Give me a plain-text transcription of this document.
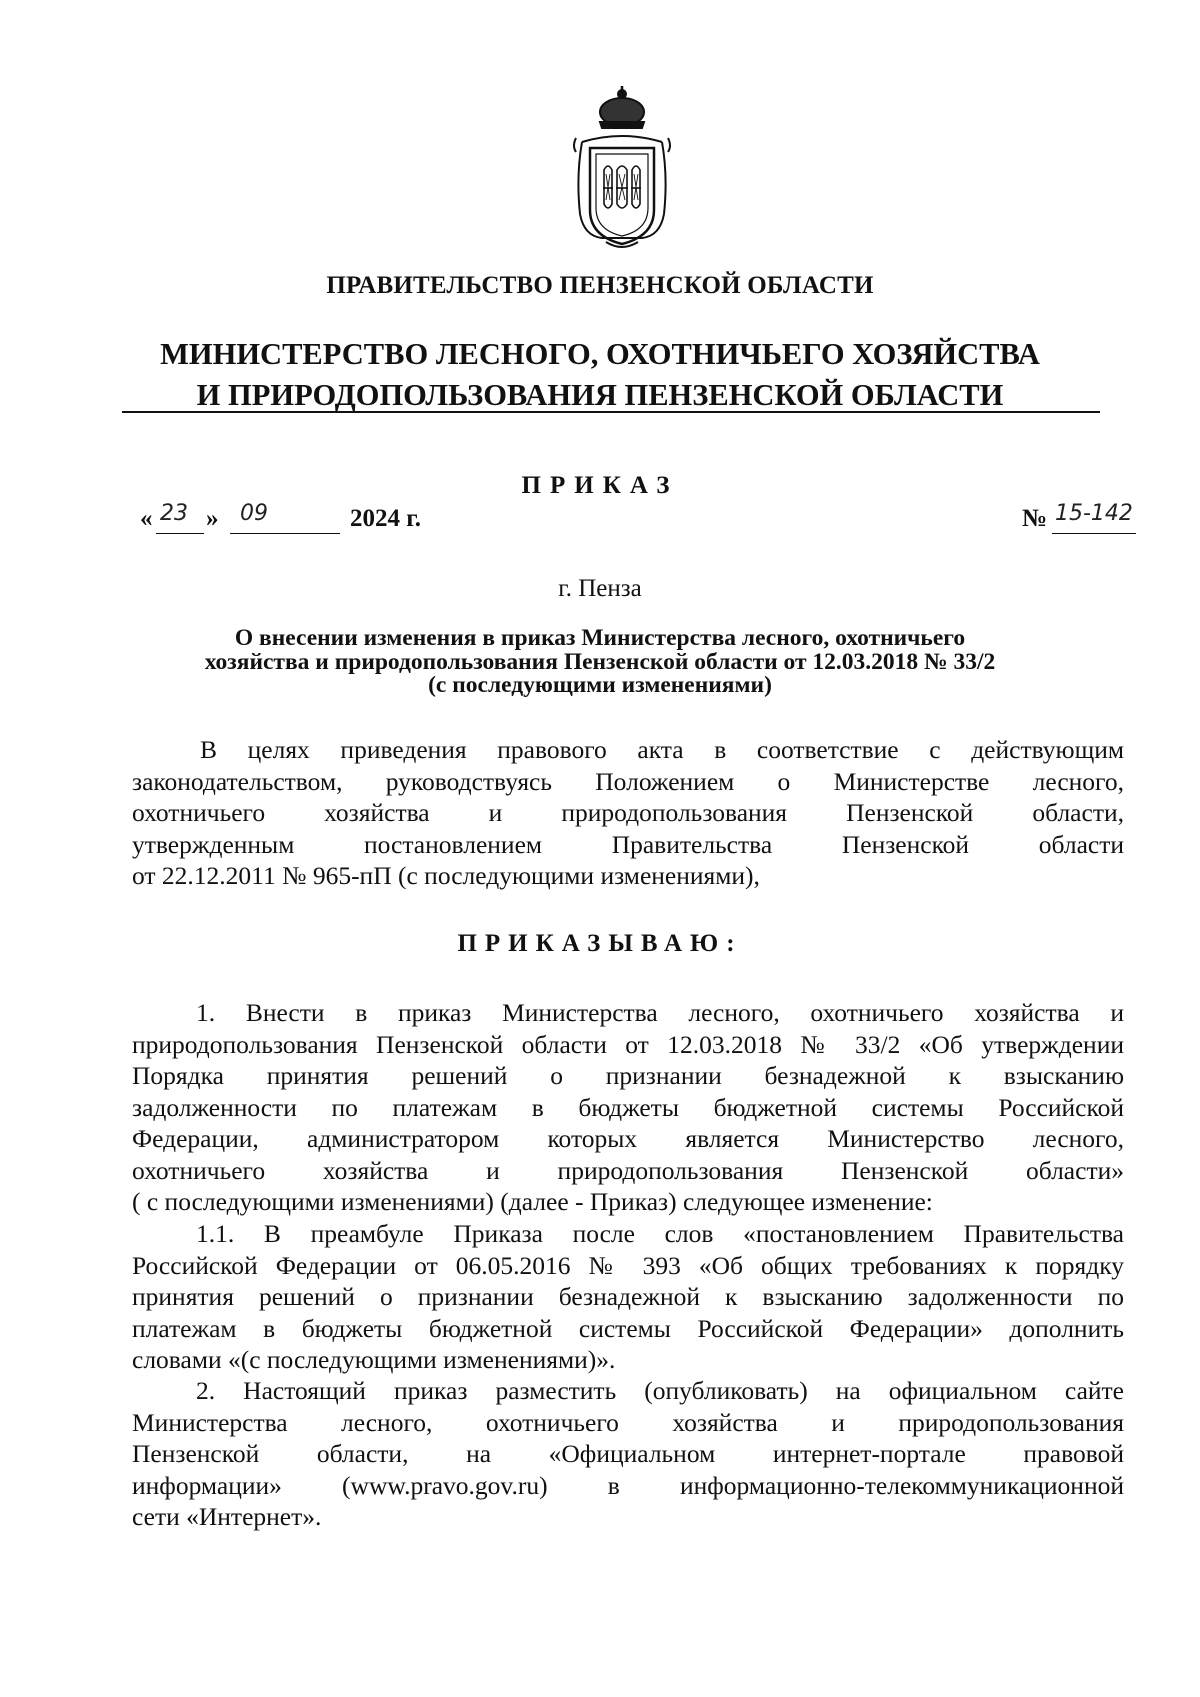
ПРАВИТЕЛЬСТВО ПЕНЗЕНСКОЙ ОБЛАСТИ
МИНИСТЕРСТВО ЛЕСНОГО, ОХОТНИЧЬЕГО ХОЗЯЙСТВА
И ПРИРОДОПОЛЬЗОВАНИЯ ПЕНЗЕНСКОЙ ОБЛАСТИ
ПРИКАЗ
« 23 » 09	2024 г.	№ 15-142
г. Пенза
О внесении изменения в приказ Министерства лесного, охотничьего
хозяйства и природопользования Пензенской области от 12.03.2018 № 33/2
(с последующими изменениями)
В целях приведения правового акта в соответствие с действующим
законодательством, руководствуясь Положением о Министерстве лесного,
охотничьего хозяйства и природопользования Пензенской области,
утвержденным постановлением Правительства Пензенской области
от 22.12.2011 № 965-пП (с последующими изменениями),
ПРИКАЗЫВАЮ:
1. Внести в приказ Министерства лесного, охотничьего хозяйства и
природопользования Пензенской области от 12.03.2018 № 33/2 «Об утверждении
Порядка принятия решений о признании безнадежной к взысканию
задолженности по платежам в бюджеты бюджетной системы Российской
Федерации, администратором которых является Министерство лесного,
охотничьего хозяйства и природопользования Пензенской области»
( с последующими изменениями) (далее - Приказ) следующее изменение:
1.1. В преамбуле Приказа после слов «постановлением Правительства
Российской Федерации от 06.05.2016 № 393 «Об общих требованиях к порядку
принятия решений о признании безнадежной к взысканию задолженности по
платежам в бюджеты бюджетной системы Российской Федерации» дополнить
словами «(с последующими изменениями)».
2. Настоящий приказ разместить (опубликовать) на официальном сайте
Министерства лесного, охотничьего хозяйства и природопользования
Пензенской области, на «Официальном интернет-портале правовой
информации» (www.pravo.gov.ru) в информационно-телекоммуникационной
сети «Интернет».
